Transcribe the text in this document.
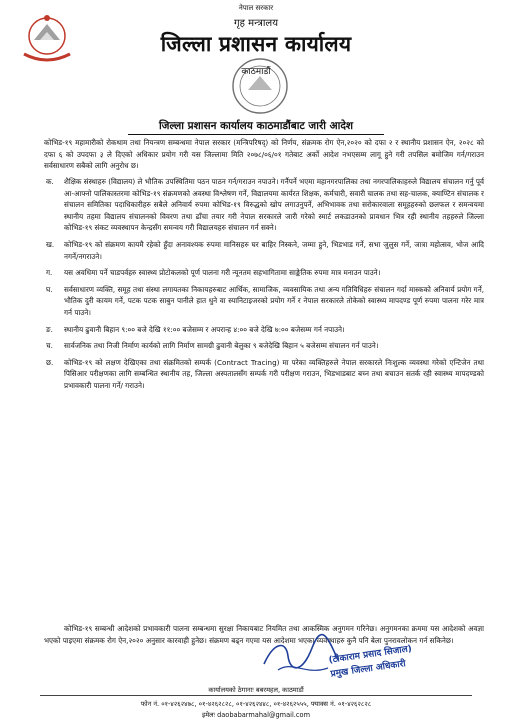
नेपाल सरकार
गृह मन्त्रालय
जिल्ला प्रशासन कार्यालय
काठमाडौं
जिल्ला प्रशासन कार्यालय काठमाडौंबाट जारी आदेश
कोभिड-१९ महामारीको रोकथाम तथा नियन्त्रण सम्बन्धमा नेपाल सरकार (मन्त्रिपरिषद्) को निर्णय, संक्रमक रोग ऐन,२०२० को दफा २ र स्थानीय प्रशासन ऐन, २०२८ को दफा ६ को उपदफा ३ ले दिएको अधिकार प्रयोग गरी यस जिल्लामा मिति २०७८/०६/०१ गतेबाट अर्को आदेश नभएसम्म लागू हुने गरी तपसिल बमोजिम गर्न/गराउन सर्वसाधारण सबैको लागि अनुरोध छ।
क. शैक्षिक संस्थाहरु (विद्यालय) ले भौतिक उपस्थितिमा पठन पाठन गर्न/गराउन नपाउने। गर्नैपर्ने भएमा महानगरपालिका तथा नगरपालिकाहरुले विद्यालय संचालन गर्नु पूर्व आ-आफ्नो पालिकास्तरमा कोभिड-१९ संक्रमणको अवस्था विश्लेषण गर्ने, विद्यालयमा कार्यरत शिक्षक, कर्मचारी, सवारी चालक तथा सह-चालक, क्याण्टिन संचालक र संचालन समितिका पदाधिकारीहरु सबैले अनिवार्य रुपमा कोभिड-१९ विरुद्धको खोप लगाउनुपर्ने, अभिभावक तथा सरोकारवाला समूहहरुको छलफल र समन्वयमा स्थानीय तहमा विद्यालय संचालनको विवरण तथा ढाँचा तयार गरी नेपाल सरकारले जारी गरेको स्मार्ट लकडाउनको प्रावधान भित्र रही स्थानीय तहहरुले जिल्ला कोभिड-१९ संकट व्यवस्थापन केन्द्रसँग समन्वय गरी विद्यालयहरु संचालन गर्न सक्ने।
ख. कोभिड-१९ को संक्रमण कायमै रहेको हुँदा अनावश्यक रुपमा मानिसहरु घर बाहिर निस्कने, जम्मा हुने, भिडभाड गर्ने, सभा जुलुस गर्ने, जात्रा महोत्सव, भोज आदि नगर्ने/नगराउने।
ग. यस अवधिमा पर्ने चाडपर्वहरु स्वास्थ्य प्रोटोकलको पूर्ण पालना गरी न्यूनतम सहभागितामा साङ्केतिक रुपमा मात्र मनाउन पाउने।
घ. सर्वसाधारण व्यक्ति, समूह तथा संस्था लगायतका निकायहरुबाट आर्थिक, सामाजिक, व्यवसायिक तथा अन्य गतिविधिहरु संचालन गर्दा मास्कको अनिवार्य प्रयोग गर्ने, भौतिक दुरी कायम गर्ने, पटक पटक साबुन पानीले हात धुने वा स्यानिटाइजरको प्रयोग गर्ने र नेपाल सरकारले तोकेको स्वास्थ्य मापदण्ड पूर्ण रुपमा पालना गरेर मात्र गर्न पाउने।
ङ. स्थानीय ढुवानी बिहान ९:०० बजे देखि ११:०० बजेसम्म र अपरान्ह ४:०० बजे देखि ७:०० बजेसम्म गर्न नपाउने।
च. सार्वजनिक तथा निजी निर्माण कार्यको लागि निर्माण सामग्री ढुवानी बेलुका ९ बजेदेखि बिहान ५ बजेसम्म संचालन गर्न पाउने।
छ. कोभिड-१९ को लक्षण देखिएका तथा संक्रमितको सम्पर्क (Contract Tracing) मा परेका व्यक्तिहरुले नेपाल सरकारले निःशुल्क व्यवस्था गरेको एन्टिजेन तथा पिसिआर परीक्षणका लागि सम्बन्धित स्थानीय तह, जिल्ला अस्पतालसँग सम्पर्क गरी परीक्षण गराउन, भिडभाडबाट बच्न तथा बचाउन सतर्क रही स्वास्थ्य मापदण्डको प्रभावकारी पालना गर्ने/ गराउने।
कोभिड-१९ सम्बन्धी आदेशको प्रभावकारी पालना सम्बन्धमा सुरक्षा निकायबाट नियमित तथा आकस्मिक अनुगमन गरिनेछ। अनुगमनका क्रममा यस आदेशको अवज्ञा भएको पाइएमा संक्रमक रोग ऐन,२०२० अनुसार कारवाही हुनेछ। संक्रमण बढ्न गएमा यस आदेशमा भएका व्यवस्थाहरु कुनै पनि बेला पुनरावलोकन गर्न सकिनेछ।
(टीकाराम प्रसाद सिजाल)
प्रमुख जिल्ला अधिकारी
कार्यालयको ठेगानाः बबरमहल, काठमाडौं
फोन नं. ०१-४२६२४७८, ०१-४२६२८२८, ०१-४२६२४४८, ०१-४२६२५५५, फ्याक्स नं. ०१-४२६२८२८
इमेलः daobabarmahal@gmail.com
